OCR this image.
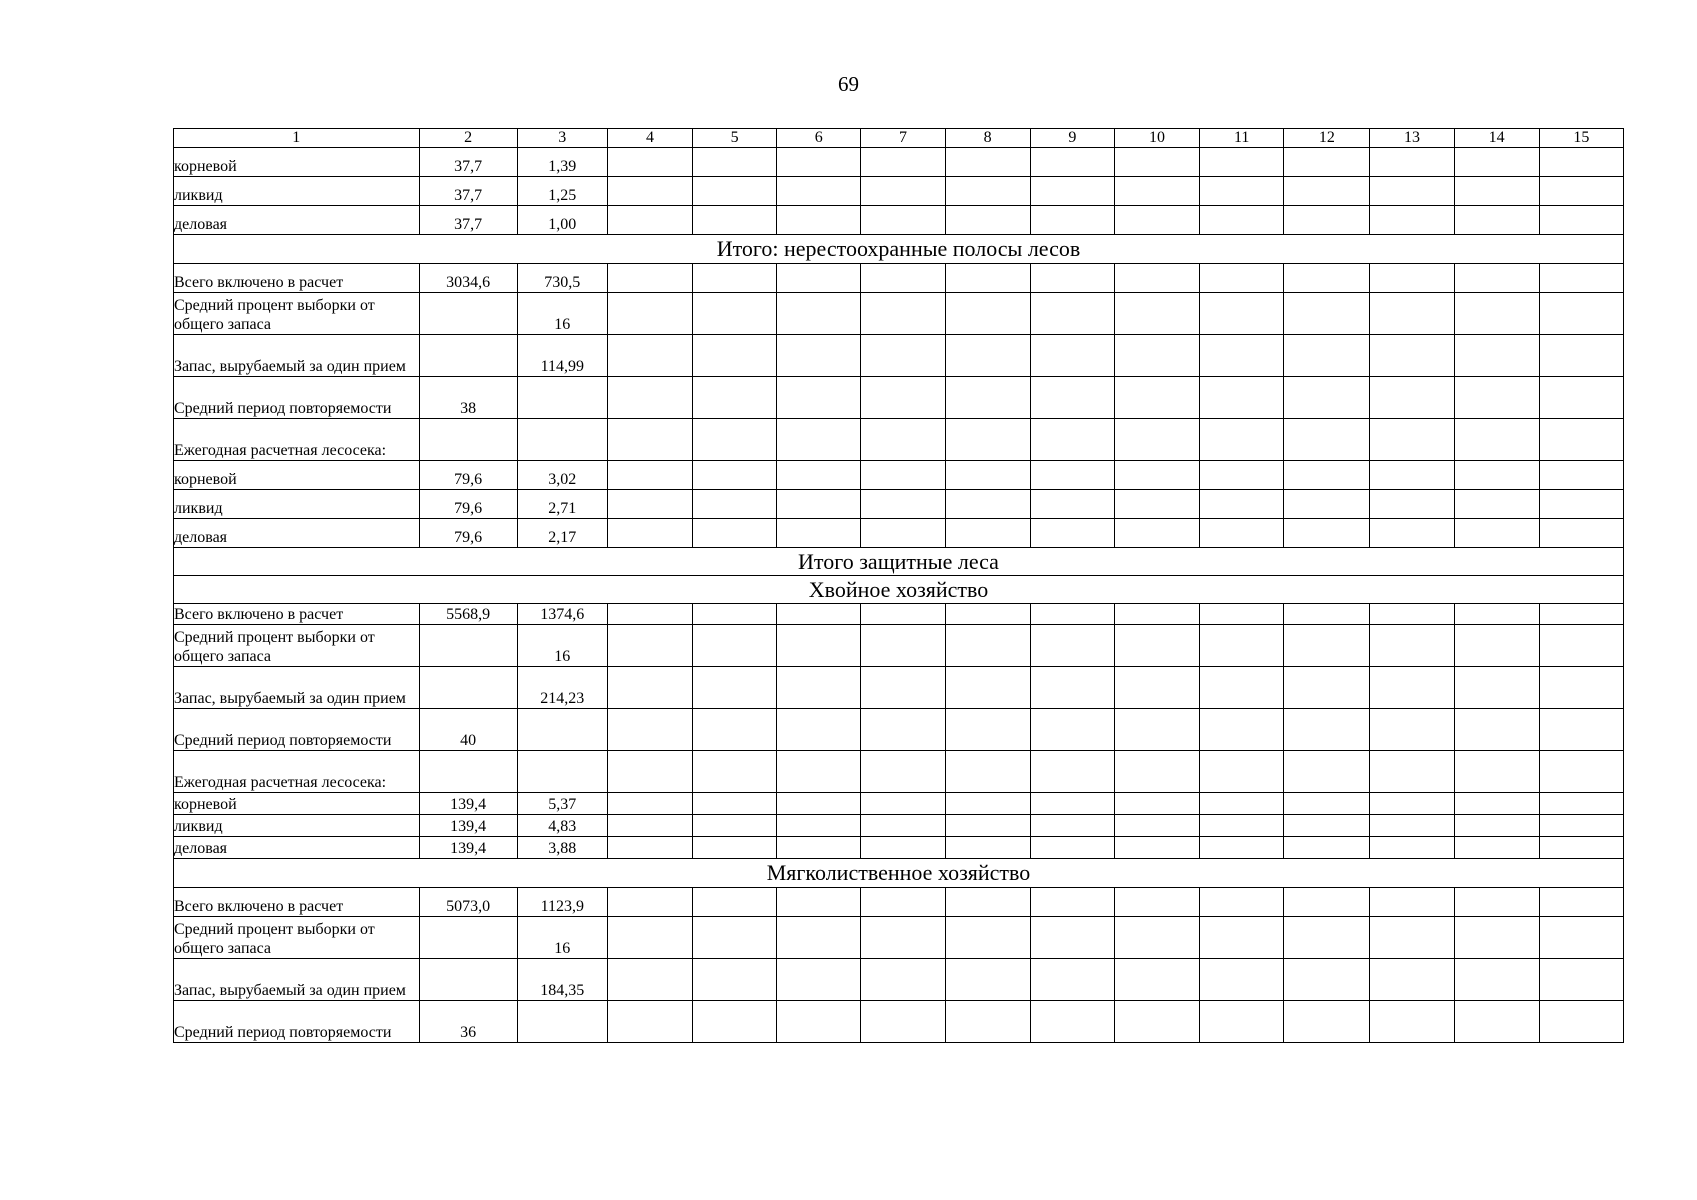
69
1	2	3	4	5	6	7	8	9	10	11	12	13	14	15
корневой	37,7	1,39												
ликвид	37,7	1,25												
деловая	37,7	1,00												
Итого: нерестоохранные полосы лесов														
Всего включено в расчет	3034,6	730,5												
Средний процент выборки от общего запаса		16												
Запас, вырубаемый за один прием		114,99												
Средний период повторяемости	38													
Ежегодная расчетная лесосека:														
корневой	79,6	3,02												
ликвид	79,6	2,71												
деловая	79,6	2,17												
Итого защитные леса														
Хвойное хозяйство														
Всего включено в расчет	5568,9	1374,6												
Средний процент выборки от общего запаса		16												
Запас, вырубаемый за один прием		214,23												
Средний период повторяемости	40													
Ежегодная расчетная лесосека:														
корневой	139,4	5,37												
ликвид	139,4	4,83												
деловая	139,4	3,88												
Мягколиственное хозяйство														
Всего включено в расчет	5073,0	1123,9												
Средний процент выборки от общего запаса		16												
Запас, вырубаемый за один прием		184,35												
Средний период повторяемости	36													
